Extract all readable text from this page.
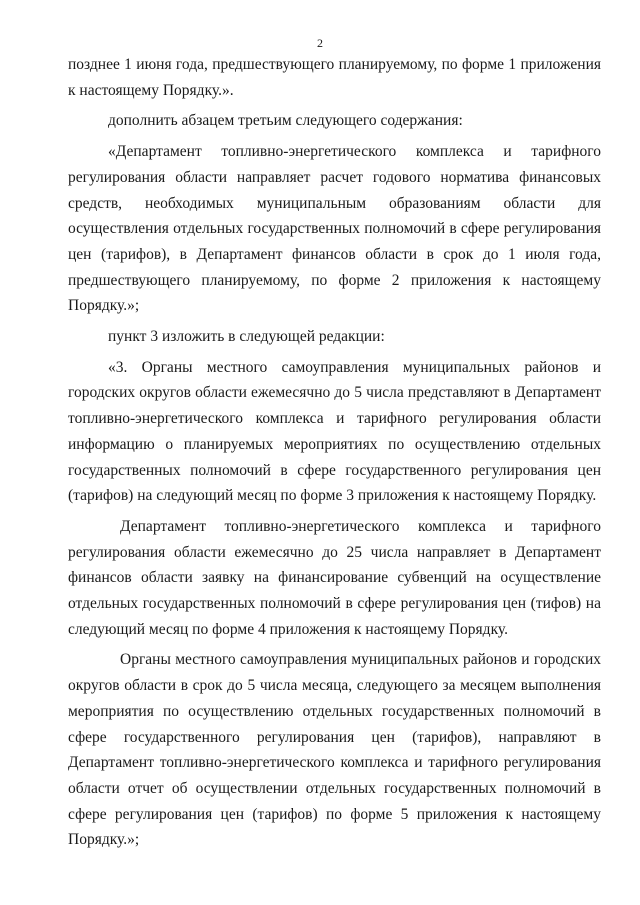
2

позднее 1 июня года, предшествующего планируемому, по форме 1 приложения к настоящему Порядку.».

дополнить абзацем третьим следующего содержания:

«Департамент топливно-энергетического комплекса и тарифного регулирования области направляет расчет годового норматива финансовых средств, необходимых муниципальным образованиям области для осуществления отдельных государственных полномочий в сфере регулирования цен (тарифов), в Департамент финансов области в срок до 1 июля года, предшествующего планируемому, по форме 2 приложения к настоящему Порядку.»;

пункт 3 изложить в следующей редакции:

«3. Органы местного самоуправления муниципальных районов и городских округов области ежемесячно до 5 числа представляют в Департамент топливно-энергетического комплекса и тарифного регулирования области информацию о планируемых мероприятиях по осуществлению отдельных государственных полномочий в сфере государственного регулирования цен (тарифов) на следующий месяц по форме 3 приложения к настоящему Порядку.

Департамент топливно-энергетического комплекса и тарифного регулирования области ежемесячно до 25 числа направляет в Департамент финансов области заявку на финансирование субвенций на осуществление отдельных государственных полномочий в сфере регулирования цен (тифов) на следующий месяц по форме 4 приложения к настоящему Порядку.

Органы местного самоуправления муниципальных районов и городских округов области в срок до 5 числа месяца, следующего за месяцем выполнения мероприятия по осуществлению отдельных государственных полномочий в сфере государственного регулирования цен (тарифов), направляют в Департамент топливно-энергетического комплекса и тарифного регулирования области отчет об осуществлении отдельных государственных полномочий в сфере регулирования цен (тарифов) по форме 5 приложения к настоящему Порядку.»;
